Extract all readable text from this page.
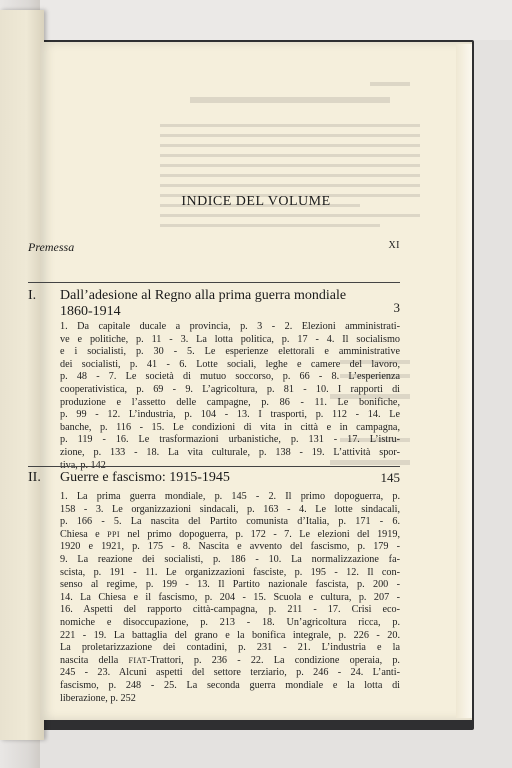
INDICE DEL VOLUME
Premessa	XI
I. Dall’adesione al Regno alla prima guerra mondiale
1860-1914	3
1. Da capitale ducale a provincia, p. 3 - 2. Elezioni amministrati-
ve e politiche, p. 11 - 3. La lotta politica, p. 17 - 4. Il socialismo
e i socialisti, p. 30 - 5. Le esperienze elettorali e amministrative
dei socialisti, p. 41 - 6. Lotte sociali, leghe e camere del lavoro,
p. 48 - 7. Le società di mutuo soccorso, p. 66 - 8. L’esperienza
cooperativistica, p. 69 - 9. L’agricoltura, p. 81 - 10. I rapporti di
produzione e l’assetto delle campagne, p. 86 - 11. Le bonifiche,
p. 99 - 12. L’industria, p. 104 - 13. I trasporti, p. 112 - 14. Le
banche, p. 116 - 15. Le condizioni di vita in città e in campagna,
p. 119 - 16. Le trasformazioni urbanistiche, p. 131 - 17. L’istru-
zione, p. 133 - 18. La vita culturale, p. 138 - 19. L’attività spor-
tiva, p. 142
II. Guerre e fascismo: 1915-1945	145
1. La prima guerra mondiale, p. 145 - 2. Il primo dopoguerra, p.
158 - 3. Le organizzazioni sindacali, p. 163 - 4. Le lotte sindacali,
p. 166 - 5. La nascita del Partito comunista d’Italia, p. 171 - 6.
Chiesa e PPI nel primo dopoguerra, p. 172 - 7. Le elezioni del 1919,
1920 e 1921, p. 175 - 8. Nascita e avvento del fascismo, p. 179 -
9. La reazione dei socialisti, p. 186 - 10. La normalizzazione fa-
scista, p. 191 - 11. Le organizzazioni fasciste, p. 195 - 12. Il con-
senso al regime, p. 199 - 13. Il Partito nazionale fascista, p. 200 -
14. La Chiesa e il fascismo, p. 204 - 15. Scuola e cultura, p. 207 -
16. Aspetti del rapporto città-campagna, p. 211 - 17. Crisi eco-
nomiche e disoccupazione, p. 213 - 18. Un’agricoltura ricca, p.
221 - 19. La battaglia del grano e la bonifica integrale, p. 226 - 20.
La proletarizzazione dei contadini, p. 231 - 21. L’industria e la
nascita della FIAT-Trattori, p. 236 - 22. La condizione operaia, p.
245 - 23. Alcuni aspetti del settore terziario, p. 246 - 24. L’anti-
fascismo, p. 248 - 25. La seconda guerra mondiale e la lotta di
liberazione, p. 252
